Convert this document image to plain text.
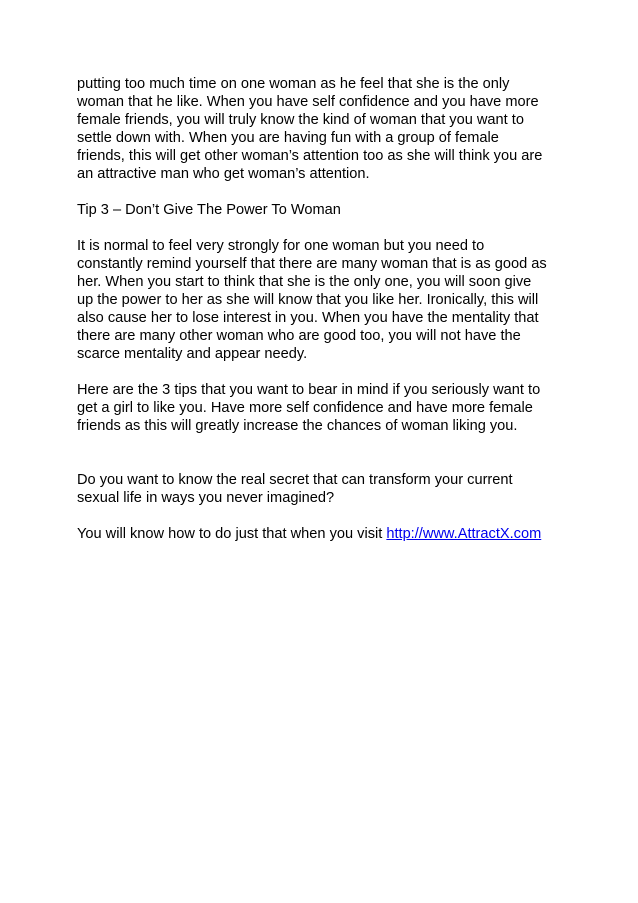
putting too much time on one woman as he feel that she is the only
woman that he like. When you have self confidence and you have more
female friends, you will truly know the kind of woman that you want to
settle down with. When you are having fun with a group of female
friends, this will get other woman’s attention too as she will think you are
an attractive man who get woman’s attention.
Tip 3 – Don’t Give The Power To Woman
It is normal to feel very strongly for one woman but you need to
constantly remind yourself that there are many woman that is as good as
her. When you start to think that she is the only one, you will soon give
up the power to her as she will know that you like her. Ironically, this will
also cause her to lose interest in you. When you have the mentality that
there are many other woman who are good too, you will not have the
scarce mentality and appear needy.
Here are the 3 tips that you want to bear in mind if you seriously want to
get a girl to like you. Have more self confidence and have more female
friends as this will greatly increase the chances of woman liking you.
Do you want to know the real secret that can transform your current
sexual life in ways you never imagined?
You will know how to do just that when you visit http://www.AttractX.com
